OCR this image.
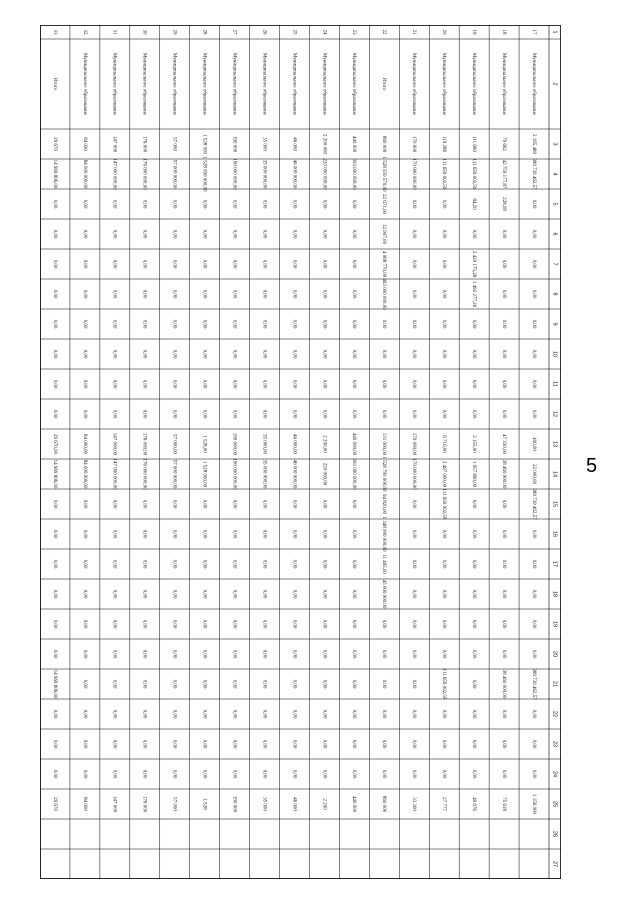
5
1
2
3
4
5
6
7
8
9
10
11
12
13
14
15
16
17
18
19
20
21
22
23
24
25
26
27
17
Муниципальное образование
2 165 480
389 739 462,57
0,00
0,00
0,00
0,00
0,00
0,00
0,00
0,00
400,00
22 000,00
389 739 462,57
0,00
0,00
0,00
0,00
0,00
389 739 462,57
0,00
0,00
0,00
1 156 000
18
Муниципальное образование
79 662
42 759 177,87
228,09
0,00
0,00
0,00
0,00
0,00
0,00
0,00
47 330,00
38 460 000,00
0,00
0,00
0,00
0,00
0,00
0,00
38 460 000,00
0,00
0,00
0,00
75 618
19
Муниципальное образование
111 660
111 659 002,59
84,20
0,00
2 420 175,28
1 492 277,26
0,00
0,00
0,00
0,00
2 155,00
1 957 890,00
0,00
0,00
0,00
0,00
0,00
0,00
0,00
0,00
0,00
0,00
49 676
20
Муниципальное образование
119 286
111 659 002,59
0,00
0,00
0,00
0,00
0,00
0,00
0,00
0,00
6 710,00
2 497 000,00
111 659 002,59
0,00
0,00
0,00
0,00
0,00
111 659 002,59
0,00
0,00
0,00
27 777
21
Муниципальное образование
170 000
170 000 000,00
0,00
0,00
0,00
0,00
0,00
0,00
0,00
0,00
170 000,00
170 000 000,00
0,00
0,00
0,00
0,00
0,00
0,00
0,00
0,00
0,00
0,00
33 300
22
Итого
860 000
1 528 550 570,00
22 671,00
12 907,00
4 068 770,00
463 000 000,00
0,00
0,00
0,00
0,00
131 000,00
1 528 790 000,00
94 820,00
1 348 000 000,00
11 465,00
45 000 000,00
0,00
0,00
0,00
0,00
0,00
0,00
860 000
23
Муниципальное образование
440 000
303 000 000,00
0,00
0,00
0,00
0,00
0,00
0,00
0,00
0,00
440 000,00
303 000 000,00
0,00
0,00
0,00
0,00
0,00
0,00
0,00
0,00
0,00
0,00
440 000
24
Муниципальное образование
2 200 000
220 000 000,00
0,00
0,00
0,00
0,00
0,00
0,00
0,00
0,00
2 200,00
220 000,00
0,00
0,00
0,00
0,00
0,00
0,00
0,00
0,00
0,00
0,00
2 200
25
Муниципальное образование
46 000
46 000 000,00
0,00
0,00
0,00
0,00
0,00
0,00
0,00
0,00
46 000,00
46 000 000,00
0,00
0,00
0,00
0,00
0,00
0,00
0,00
0,00
0,00
0,00
46 000
26
Муниципальное образование
35 000
35 000 000,00
0,00
0,00
0,00
0,00
0,00
0,00
0,00
0,00
35 000,00
35 000 000,00
0,00
0,00
0,00
0,00
0,00
0,00
0,00
0,00
0,00
0,00
35 000
27
Муниципальное образование
190 000
190 000 000,00
0,00
0,00
0,00
0,00
0,00
0,00
0,00
0,00
190 000,00
190 000 000,00
0,00
0,00
0,00
0,00
0,00
0,00
0,00
0,00
0,00
0,00
190 000
28
Муниципальное образование
1 528 000
1 528 000 000,00
0,00
0,00
0,00
0,00
0,00
0,00
0,00
0,00
1 528,00
1 528 000,00
0,00
0,00
0,00
0,00
0,00
0,00
0,00
0,00
0,00
0,00
1 528
29
Муниципальное образование
57 000
57 000 000,00
0,00
0,00
0,00
0,00
0,00
0,00
0,00
0,00
57 000,00
57 000 000,00
0,00
0,00
0,00
0,00
0,00
0,00
0,00
0,00
0,00
0,00
57 000
30
Муниципальное образование
176 000
176 000 000,00
0,00
0,00
0,00
0,00
0,00
0,00
0,00
0,00
176 000,00
176 000 000,00
0,00
0,00
0,00
0,00
0,00
0,00
0,00
0,00
0,00
0,00
176 000
31
Муниципальное образование
147 000
147 000 000,00
0,00
0,00
0,00
0,00
0,00
0,00
0,00
0,00
147 000,00
147 000 000,00
0,00
0,00
0,00
0,00
0,00
0,00
0,00
0,00
0,00
0,00
147 000
32
Муниципальное образование
84 000
84 000 000,00
0,00
0,00
0,00
0,00
0,00
0,00
0,00
0,00
84 000,00
84 000 000,00
0,00
0,00
0,00
0,00
0,00
0,00
0,00
0,00
0,00
0,00
84 000
33
Итого
29 670
14 969 806,00
0,00
0,00
0,00
0,00
0,00
0,00
0,00
0,00
29 670,00
14 969 806,00
0,00
0,00
0,00
0,00
0,00
0,00
14 969 806,00
0,00
0,00
0,00
29 670
